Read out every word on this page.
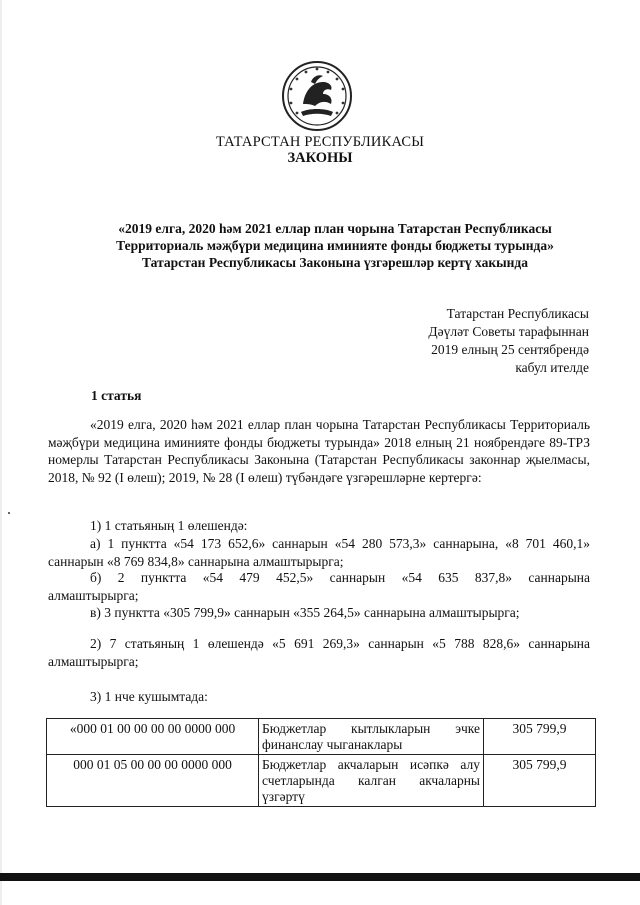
ТАТАРСТАН РЕСПУБЛИКАСЫ
ЗАКОНЫ
«2019 елга, 2020 һәм 2021 еллар план чорына Татарстан Республикасы
Территориаль мәҗбүри медицина иминияте фонды бюджеты турында»
Татарстан Республикасы Законына үзгәрешләр кертү хакында
Татарстан Республикасы
Дәүләт Советы тарафыннан
2019 елның 25 сентябрендә
кабул ителде
1 статья

«2019 елга, 2020 һәм 2021 еллар план чорына Татарстан Республикасы Территориаль мәҗбүри медицина иминияте фонды бюджеты турында» 2018 елның 21 ноябрендәге 89-ТРЗ номерлы Татарстан Республикасы Законына (Татарстан Республикасы законнар җыелмасы, 2018, № 92 (I өлеш); 2019, № 28 (I өлеш) түбәндәге үзгәрешләрне кертергә:

1) 1 статьяның 1 өлешендә:

а) 1 пунктта «54 173 652,6» саннарын «54 280 573,3» саннарына, «8 701 460,1» саннарын «8 769 834,8» саннарына алмаштырырга;

б) 2 пунктта «54 479 452,5» саннарын «54 635 837,8» саннарына

алмаштырырга;

в) 3 пунктта «305 799,9» саннарын «355 264,5» саннарына алмаштырырга;

2) 7 статьяның 1 өлешендә «5 691 269,3» саннарын «5 788 828,6» саннарына алмаштырырга;

3) 1 нче кушымтада:

«000 01 00 00 00 00 0000 000	Бюджетлар кытлыкларын эчке финанслау чыганаклары	305 799,9
000 01 05 00 00 00 0000 000	Бюджетлар акчаларын исәпкә алу счетларында калган акчаларны үзгәртү	305 799,9
